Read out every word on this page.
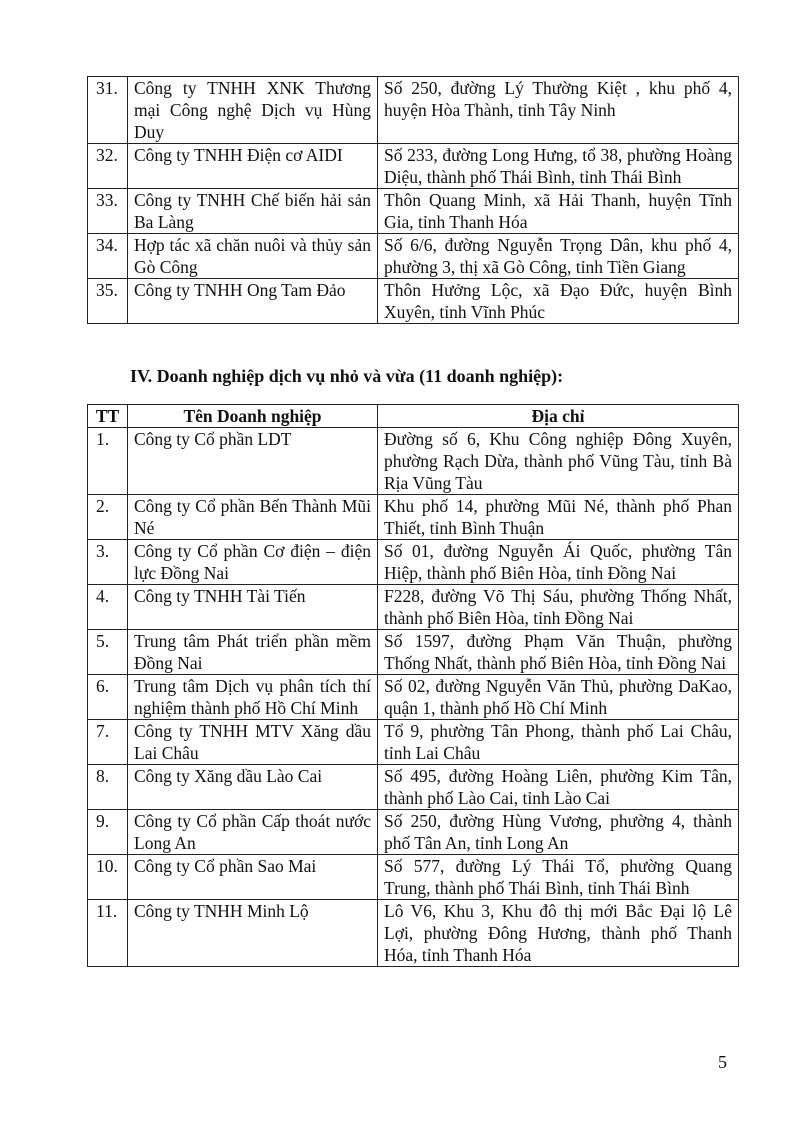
31.	Công ty TNHH XNK Thương mại Công nghệ Dịch vụ Hùng Duy	Số 250, đường Lý Thường Kiệt , khu phố 4, huyện Hòa Thành, tỉnh Tây Ninh
32.	Công ty TNHH Điện cơ AIDI	Số 233, đường Long Hưng, tổ 38, phường Hoàng Diệu, thành phố Thái Bình, tỉnh Thái Bình
33.	Công ty TNHH Chế biến hải sản Ba Làng	Thôn Quang Minh, xã Hải Thanh, huyện Tĩnh Gia, tỉnh Thanh Hóa
34.	Hợp tác xã chăn nuôi và thủy sản Gò Công	Số 6/6, đường Nguyễn Trọng Dân, khu phố 4, phường 3, thị xã Gò Công, tỉnh Tiền Giang
35.	Công ty TNHH Ong Tam Đảo	Thôn Hưởng Lộc, xã Đạo Đức, huyện Bình Xuyên, tỉnh Vĩnh Phúc
IV. Doanh nghiệp dịch vụ nhỏ và vừa (11 doanh nghiệp):
TT	Tên Doanh nghiệp	Địa chỉ
1.	Công ty Cổ phần LDT	Đường số 6, Khu Công nghiệp Đông Xuyên, phường Rạch Dừa, thành phố Vũng Tàu, tỉnh Bà Rịa Vũng Tàu
2.	Công ty Cổ phần Bến Thành Mũi Né	Khu phố 14, phường Mũi Né, thành phố Phan Thiết, tỉnh Bình Thuận
3.	Công ty Cổ phần Cơ điện – điện lực Đồng Nai	Số 01, đường Nguyễn Ái Quốc, phường Tân Hiệp, thành phố Biên Hòa, tỉnh Đồng Nai
4.	Công ty TNHH Tài Tiến	F228, đường Võ Thị Sáu, phường Thống Nhất, thành phố Biên Hòa, tỉnh Đồng Nai
5.	Trung tâm Phát triển phần mềm Đồng Nai	Số 1597, đường Phạm Văn Thuận, phường Thống Nhất, thành phố Biên Hòa, tỉnh Đồng Nai
6.	Trung tâm Dịch vụ phân tích thí nghiệm thành phố Hồ Chí Minh	Số 02, đường Nguyễn Văn Thủ, phường DaKao, quận 1, thành phố Hồ Chí Minh
7.	Công ty TNHH MTV Xăng dầu Lai Châu	Tổ 9, phường Tân Phong, thành phố Lai Châu, tỉnh Lai Châu
8.	Công ty Xăng dầu Lào Cai	Số 495, đường Hoàng Liên, phường Kim Tân, thành phố Lào Cai, tỉnh Lào Cai
9.	Công ty Cổ phần Cấp thoát nước Long An	Số 250, đường Hùng Vương, phường 4, thành phố Tân An, tỉnh Long An
10.	Công ty Cổ phần Sao Mai	Số 577, đường Lý Thái Tổ, phường Quang Trung, thành phố Thái Bình, tỉnh Thái Bình
11.	Công ty TNHH Minh Lộ	Lô V6, Khu 3, Khu đô thị mới Bắc Đại lộ Lê Lợi, phường Đông Hương, thành phố Thanh Hóa, tỉnh Thanh Hóa
5
